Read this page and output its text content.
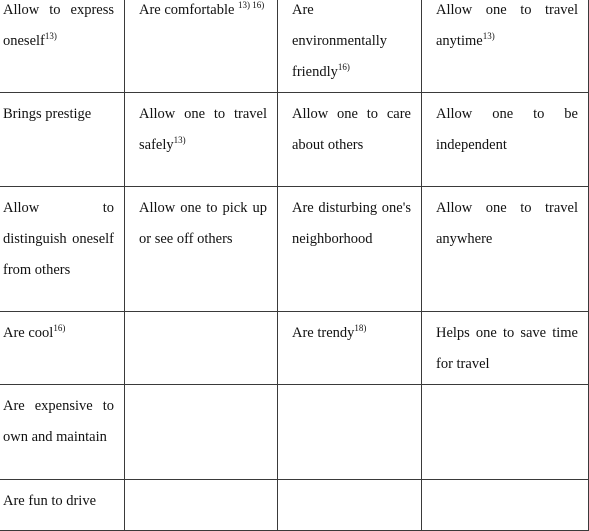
Allow to express oneself$^{13)}$	Are comfortable $^{13) 16)}$	Are environmentally friendly$^{16)}$	Allow one to travel anytime$^{13)}$
Brings prestige	Allow one to travel safely$^{13)}$	Allow one to care about others	Allow one to be independent
Allow to distinguish oneself from others	Allow one to pick up or see off others	Are disturbing one's neighborhood	Allow one to travel anywhere
Are cool$^{16)}$		Are trendy$^{18)}$	Helps one to save time for travel
Are expensive to own and maintain			
Are fun to drive			
